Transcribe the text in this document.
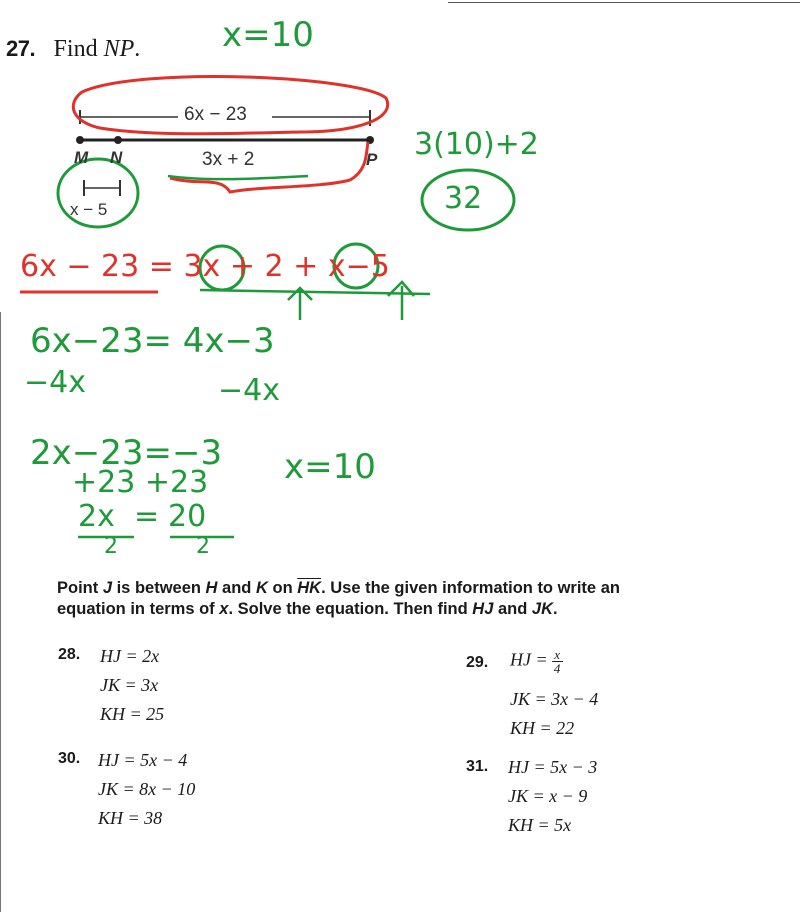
27. Find NP. x=10
6x − 23
3x + 2
x − 5
M N	P 3(10)+2
32
6x − 23 = 3x + 2 + x−5
6x−23= 4x−3
−4x	−4x
2x−23=−3
+23 +23 x=10
2x = 20
2	2
Point J is between H and K on $\overline{HK}$. Use the given information to write an
equation in terms of x. Solve the equation. Then find HJ and JK.
28. HJ = 2x
JK = 3x
KH = 25
29. HJ = $\frac{x}{4}$
JK = 3x − 4
KH = 22
30. HJ = 5x − 4
JK = 8x − 10
KH = 38
31. HJ = 5x − 3
JK = x − 9
KH = 5x
